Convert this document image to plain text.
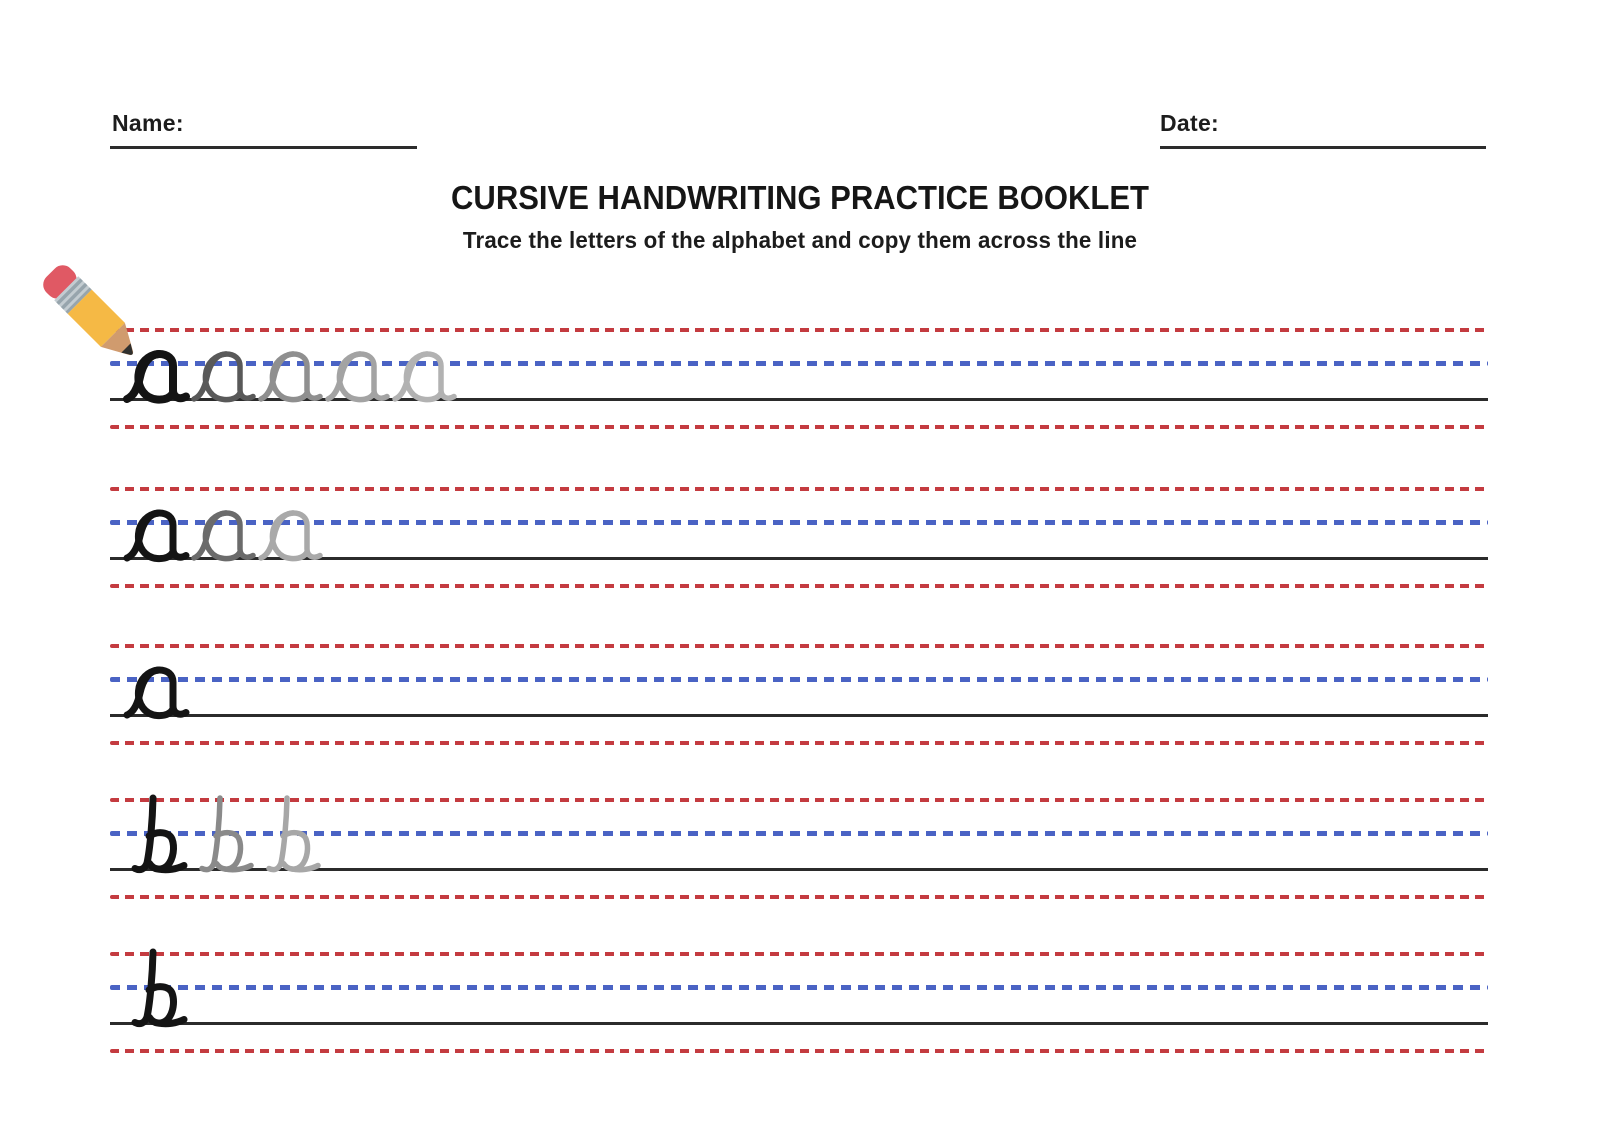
Name:	Date:
CURSIVE HANDWRITING PRACTICE BOOKLET
Trace the letters of the alphabet and copy them across the line
